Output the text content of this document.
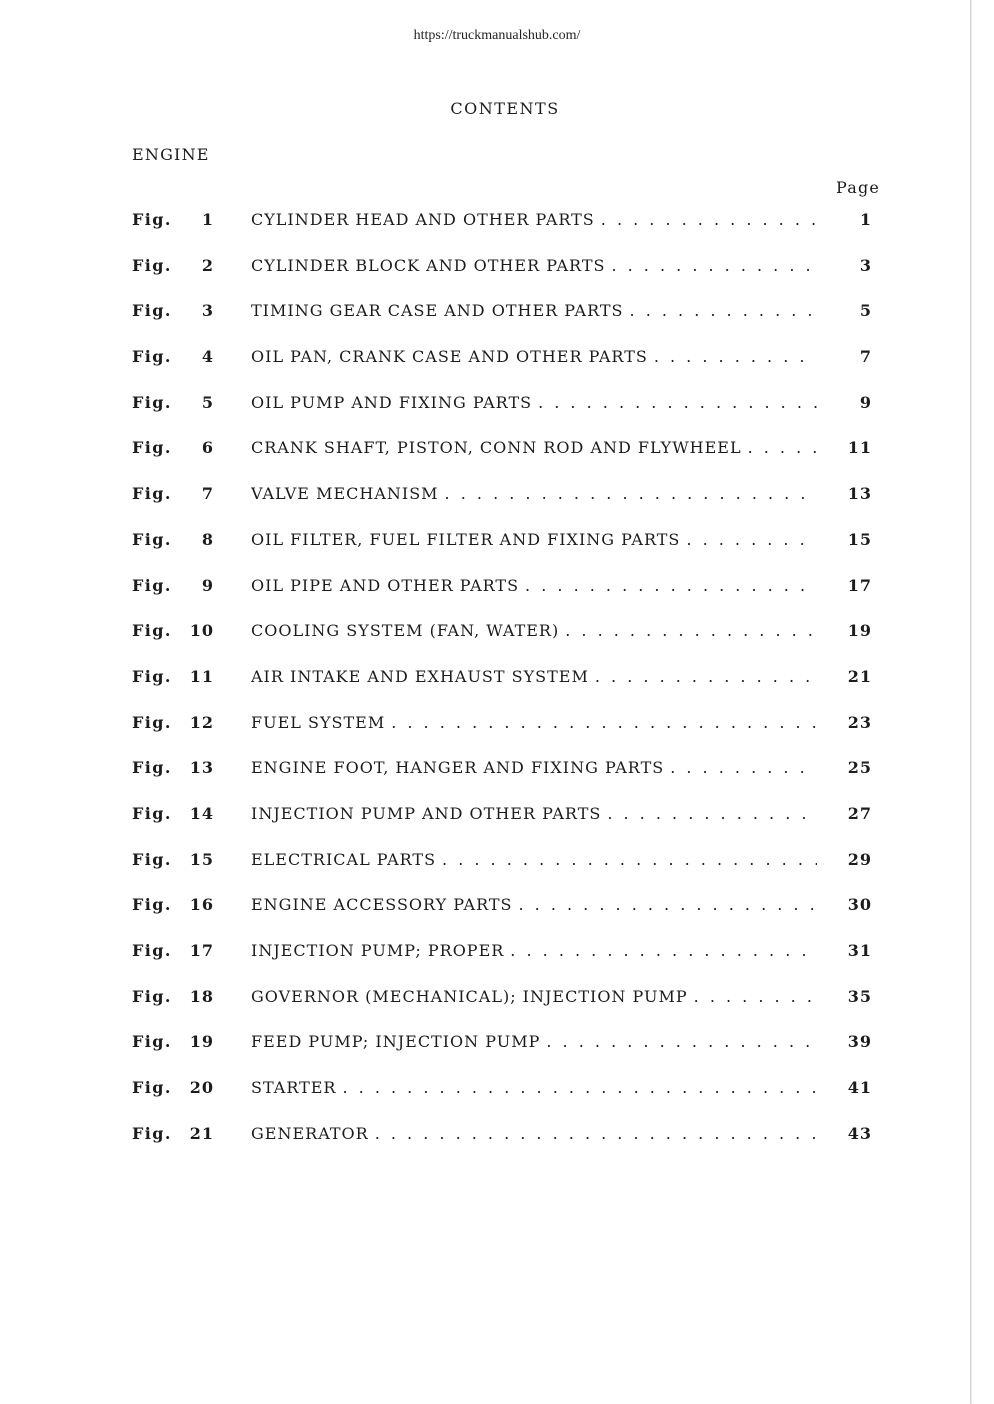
https://truckmanualshub.com/
CONTENTS
ENGINE
Page
Fig.	1 CYLINDER HEAD AND OTHER PARTS . . .	1
Fig.	2 CYLINDER BLOCK AND OTHER PARTS . . .	3
Fig.	3 TIMING GEAR CASE AND OTHER PARTS . . .	5
Fig.	4 OIL PAN, CRANK CASE AND OTHER PARTS . . .	7
Fig.	5 OIL PUMP AND FIXING PARTS . . .	9
Fig.	6 CRANK SHAFT, PISTON, CONN ROD AND FLYWHEEL . . .	11
Fig.	7 VALVE MECHANISM . . .	13
Fig.	8 OIL FILTER, FUEL FILTER AND FIXING PARTS . . .	15
Fig.	9 OIL PIPE AND OTHER PARTS . . .	17
Fig. 10 COOLING SYSTEM (FAN, WATER) . . .	19
Fig. 11 AIR INTAKE AND EXHAUST SYSTEM . . .	21
Fig. 12 FUEL SYSTEM . . .	23
Fig. 13 ENGINE FOOT, HANGER AND FIXING PARTS . . .	25
Fig. 14 INJECTION PUMP AND OTHER PARTS . . .	27
Fig. 15 ELECTRICAL PARTS . . .	29
Fig. 16 ENGINE ACCESSORY PARTS . . .	30
Fig. 17 INJECTION PUMP; PROPER . . .	31
Fig. 18 GOVERNOR (MECHANICAL); INJECTION PUMP . . .	35
Fig. 19 FEED PUMP; INJECTION PUMP . . .	39
Fig. 20 STARTER . . .	41
Fig. 21 GENERATOR . . .	43
